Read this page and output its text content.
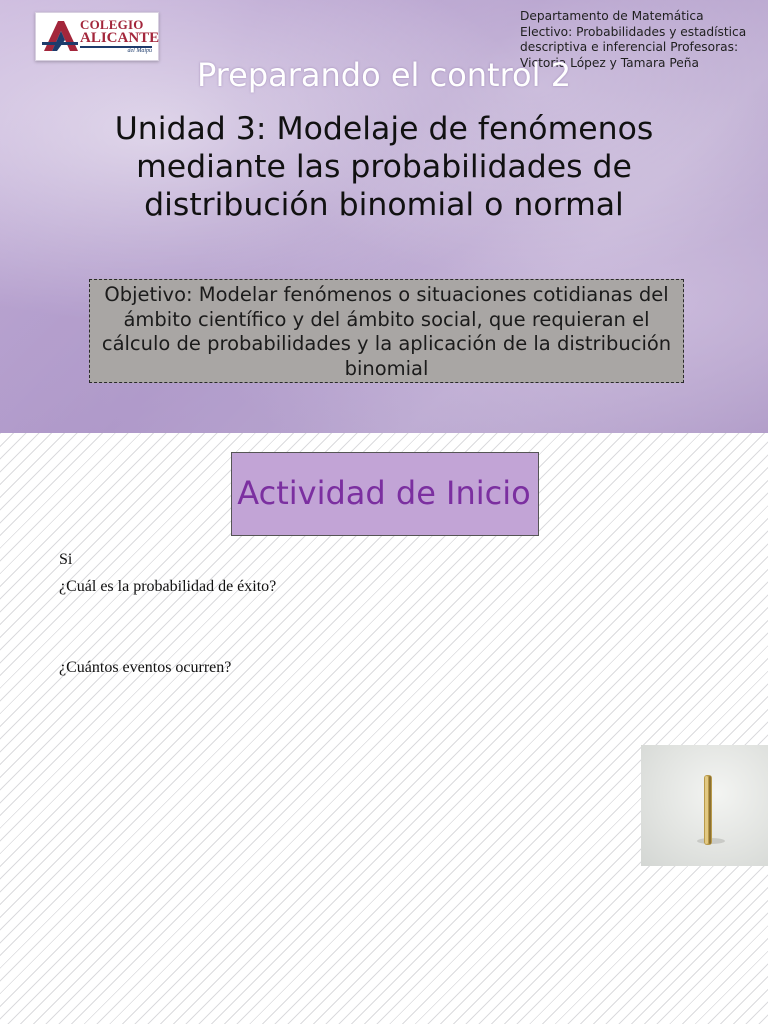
COLEGIO
ALICANTE
del Maipú
Departamento de Matemática
Electivo: Probabilidades y estadística descriptiva e inferencial Profesoras: Victoria López y Tamara Peña
Preparando el control 2
Unidad 3: Modelaje de fenómenos mediante las probabilidades de distribución binomial o normal
Objetivo: Modelar fenómenos o situaciones cotidianas del ámbito científico y del ámbito social, que requieran el cálculo de probabilidades y la aplicación de la distribución binomial
Actividad de Inicio
Si
¿Cuál es la probabilidad de éxito?
¿Cuántos eventos ocurren?
